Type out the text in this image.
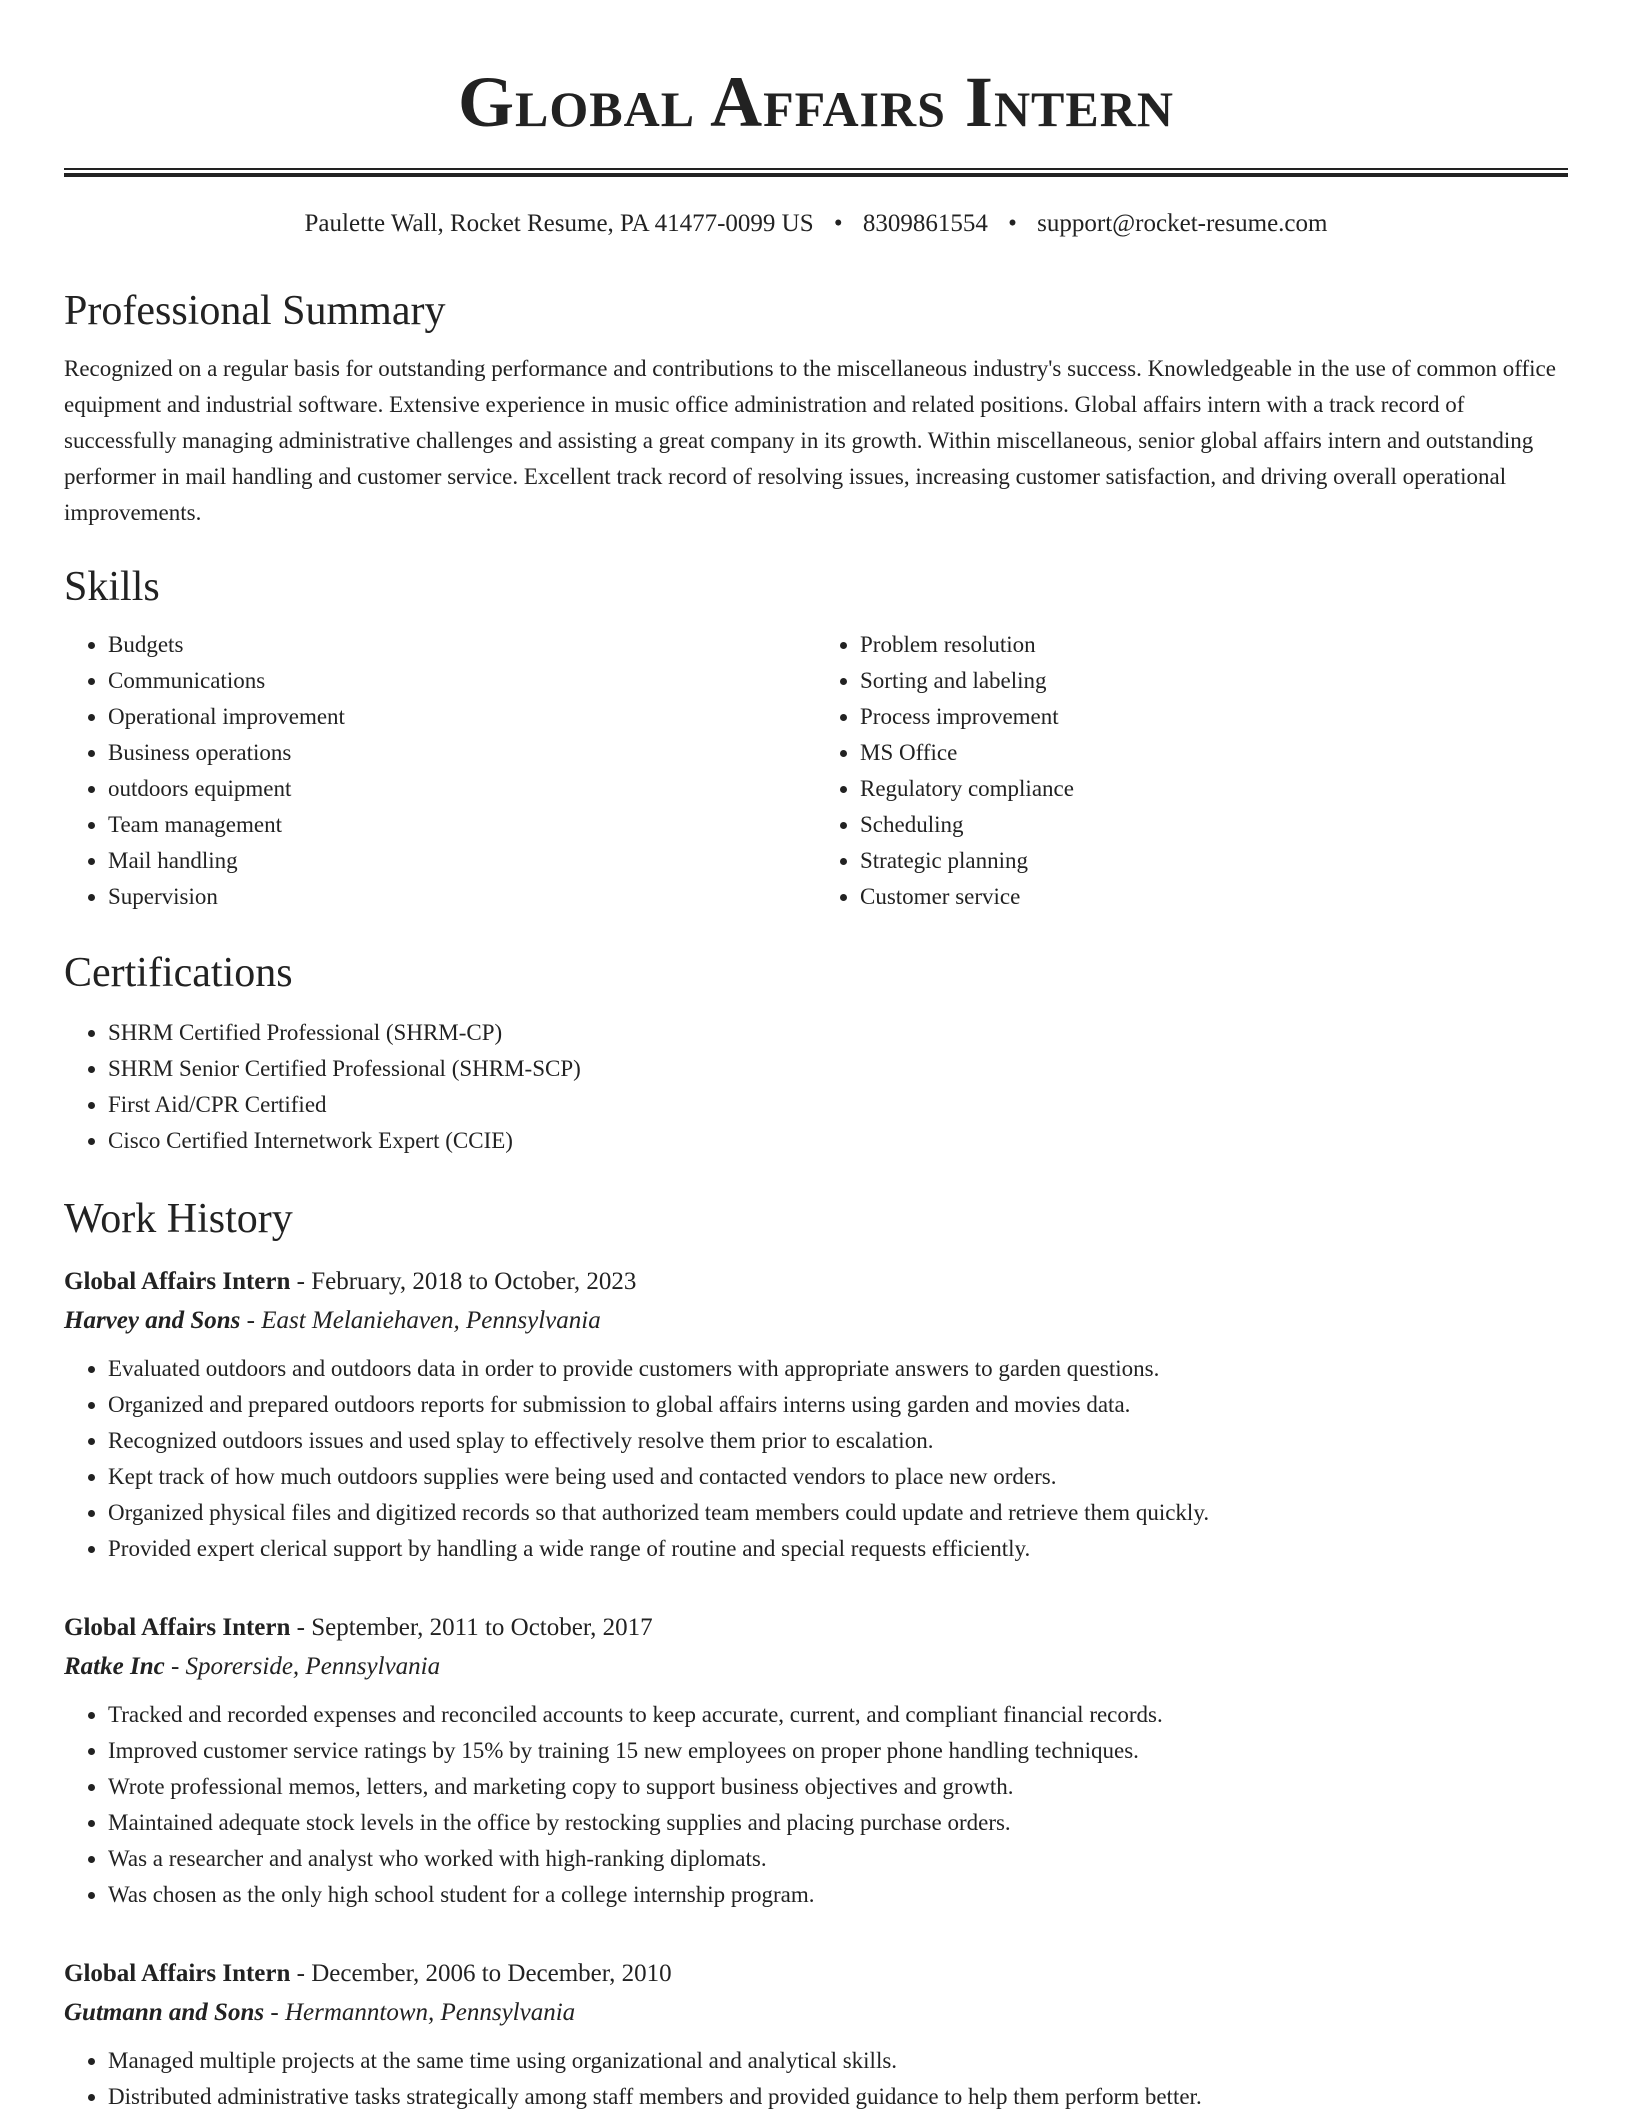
Global Affairs Intern
Paulette Wall, Rocket Resume, PA 41477-0099 US • 8309861554 • support@rocket-resume.com
Professional Summary

Recognized on a regular basis for outstanding performance and contributions to the miscellaneous industry's success. Knowledgeable in the use of common office equipment and industrial software. Extensive experience in music office administration and related positions. Global affairs intern with a track record of successfully managing administrative challenges and assisting a great company in its growth. Within miscellaneous, senior global affairs intern and outstanding performer in mail handling and customer service. Excellent track record of resolving issues, increasing customer satisfaction, and driving overall operational improvements.

Skills
• Budgets
• Communications
• Operational improvement
• Business operations
• outdoors equipment
• Team management
• Mail handling
• Supervision
• Problem resolution
• Sorting and labeling
• Process improvement
• MS Office
• Regulatory compliance
• Scheduling
• Strategic planning
• Customer service
Certifications
• SHRM Certified Professional (SHRM-CP)
• SHRM Senior Certified Professional (SHRM-SCP)
• First Aid/CPR Certified
• Cisco Certified Internetwork Expert (CCIE)
Work History
Global Affairs Intern - February, 2018 to October, 2023
Harvey and Sons - East Melaniehaven, Pennsylvania
• Evaluated outdoors and outdoors data in order to provide customers with appropriate answers to garden questions.
• Organized and prepared outdoors reports for submission to global affairs interns using garden and movies data.
• Recognized outdoors issues and used splay to effectively resolve them prior to escalation.
• Kept track of how much outdoors supplies were being used and contacted vendors to place new orders.
• Organized physical files and digitized records so that authorized team members could update and retrieve them quickly.
• Provided expert clerical support by handling a wide range of routine and special requests efficiently.
Global Affairs Intern - September, 2011 to October, 2017
Ratke Inc - Sporerside, Pennsylvania
• Tracked and recorded expenses and reconciled accounts to keep accurate, current, and compliant financial records.
• Improved customer service ratings by 15% by training 15 new employees on proper phone handling techniques.
• Wrote professional memos, letters, and marketing copy to support business objectives and growth.
• Maintained adequate stock levels in the office by restocking supplies and placing purchase orders.
• Was a researcher and analyst who worked with high-ranking diplomats.
• Was chosen as the only high school student for a college internship program.
Global Affairs Intern - December, 2006 to December, 2010
Gutmann and Sons - Hermanntown, Pennsylvania
• Managed multiple projects at the same time using organizational and analytical skills.
• Distributed administrative tasks strategically among staff members and provided guidance to help them perform better.
